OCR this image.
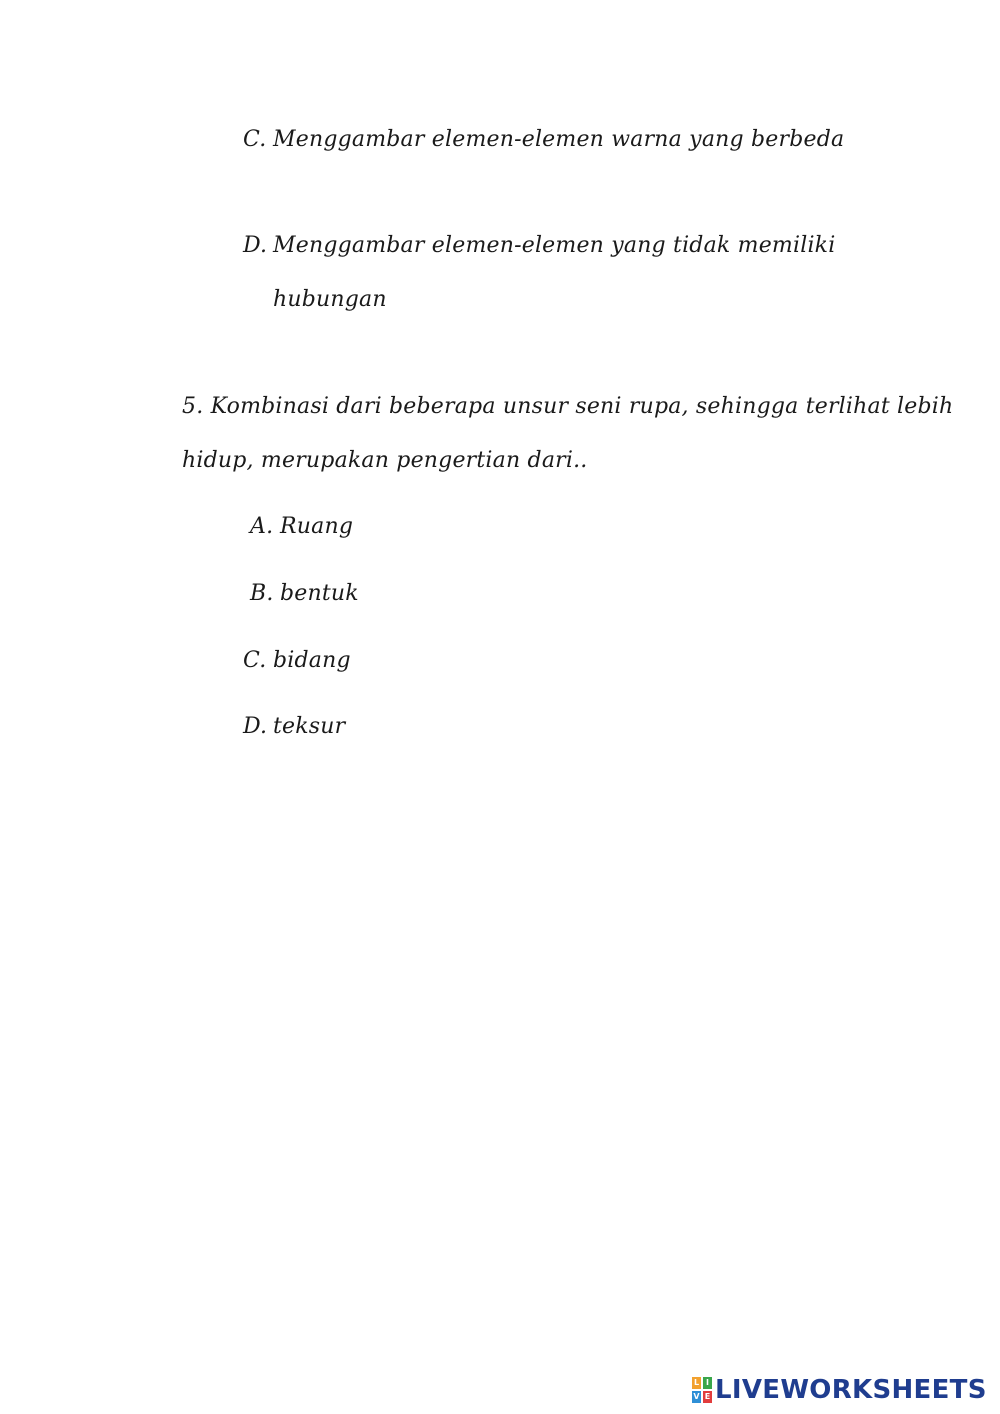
C. Menggambar elemen-elemen warna yang berbeda
D. Menggambar elemen-elemen yang tidak memiliki
hubungan
5. Kombinasi dari beberapa unsur seni rupa, sehingga terlihat lebih
hidup, merupakan pengertian dari..
A. Ruang
B. bentuk
C. bidang
D. teksur
L I
V E LIVEWORKSHEETS
